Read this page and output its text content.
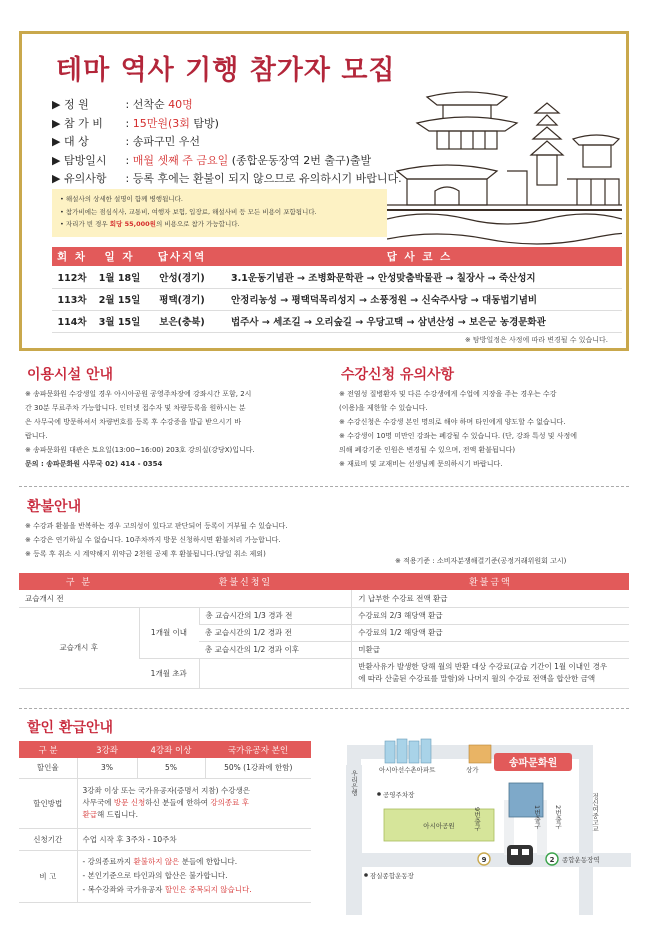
테마 역사 기행 참가자 모집
▶ 정 원	: 선착순 40명
▶ 참 가 비 : 15만원(3회 탐방)
▶ 대 상	: 송파구민 우선
▶ 탐방일시 : 매월 셋째 주 금요일 (종합운동장역 2번 출구)출발
▶ 유의사항 : 등록 후에는 환불이 되지 않으므로 유의하시기 바랍니다.

• 해설사의 상세한 설명이 함께 병행됩니다.

• 참가비에는 점심식사, 교통비, 여행자 보험, 입장료, 해설사비 등 모든 비용이 포함됩니다.

• 자리가 빈 경우 회당 55,000원의 비용으로 참가 가능합니다.

회 차	일 자	답사지역	답 사 코 스
112차	1월 18일	안성(경기)	3.1운동기념관 → 조병화문학관 → 안성맞춤박물관 → 칠장사 → 죽산성지
113차	2월 15일	평택(경기)	안정리농성 → 평택덕목리성지 → 소풍정원 → 신숙주사당 → 대동법기념비
114차	3월 15일	보은(충북)	법주사 → 세조길 → 오리숲길 → 우당고택 → 삼년산성 → 보은군 농경문화관
※ 탐방일정은 사정에 따라 변경될 수 있습니다.
이용시설 안내

※ 송파문화원 수강생일 경우 아시아공원 공영주차장에 강좌시간 포함, 2시

간 30분 무료주차 가능합니다. 인터넷 접수자 및 차량등록을 원하시는 분

은 사무국에 방문하셔서 차량번호를 등록 후 수강증을 발급 받으시기 바

랍니다.

※ 송파문화원 대관은 토요일(13:00~16:00) 203호 강의실(강당X)입니다.

문의 : 송파문화원 사무국 02) 414 - 0354

수강신청 유의사항

※ 전염성 질병환자 및 다른 수강생에게 수업에 지장을 주는 경우는 수강

(이용)을 제한할 수 있습니다.

※ 수강신청은 수강생 본인 명의로 해야 하며 타인에게 양도할 수 없습니다.

※ 수강생이 10명 미만인 강좌는 폐강될 수 있습니다. (단, 강좌 특성 및 사정에

의해 폐강기준 인원은 변경될 수 있으며, 전액 환불됩니다)

※ 재료비 및 교재비는 선생님께 문의하시기 바랍니다.

환불안내

※ 수강과 환불을 반복하는 경우 고의성이 있다고 판단되어 등록이 거부될 수 있습니다.

※ 수강은 연기하실 수 없습니다. 10주차까지 방문 신청하시면 환불처리 가능합니다.

※ 등록 후 취소 시 계약해지 위약금 2천원 공제 후 환불됩니다.(당일 취소 제외)

※ 적용기준 : 소비자분쟁해결기준(공정거래위원회 고시)
구 분	환불신청일		환불금액
교습개시 전			기 납부한 수강료 전액 환급
교습개시 후	1개월 이내	총 교습시간의 1/3 경과 전	수강료의 2/3 해당액 환급
		총 교습시간의 1/2 경과 전	수강료의 1/2 해당액 환급
		총 교습시간의 1/2 경과 이후	미환급
	1개월 초과		반환사유가 발생한 당해 월의 반환 대상 수강료(교습 기간이 1월 이내인 경우
에 따라 산출된 수강료를 말함)와 나머지 월의 수강료 전액을 합산한 금액
할인 환급안내
구 분	3강좌	4강좌 이상	국가유공자 본인
할인율	3%	5%	50% (1강좌에 한함)
할인방법	3강좌 이상 또는 국가유공자(증명서 지참) 수강생은
사무국에 방문 신청하신 분들에 한하여 강의종료 후
환급해 드립니다.		

신청기간	수업 시작 후 3주차 - 10주차		
비 고	- 강의종료까지 환불하지 않은 분들에 한합니다.
- 본인기준으로 타인과의 합산은 불가합니다.
- 복수강좌와 국가유공자 할인은 중복되지 않습니다.		
송파문화원
아시아선수촌아파트	상가
우리은행	공영주차장
아시아공원
잠실종합운동장
9번출구	1번출구 2번출구	정신여중고교
종합운동장역
9	2
